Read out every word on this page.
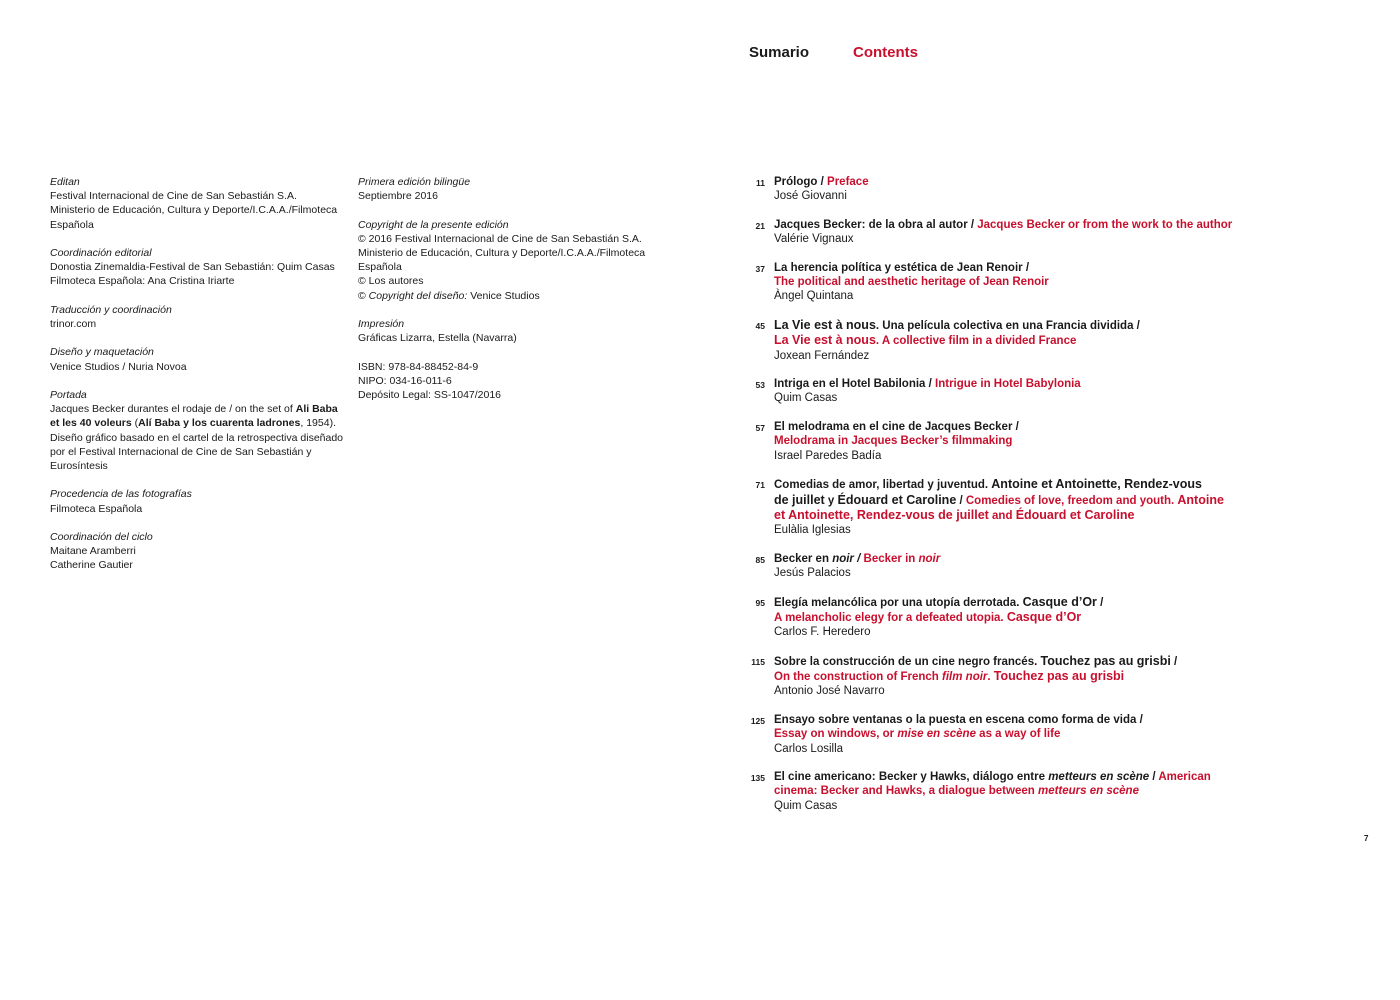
Sumario	Contents
Editan
Festival Internacional de Cine de San Sebastián S.A.
Ministerio de Educación, Cultura y Deporte/I.C.A.A./Filmoteca
Española
Coordinación editorial
Donostia Zinemaldia-Festival de San Sebastián: Quim Casas
Filmoteca Española: Ana Cristina Iriarte
Traducción y coordinación
trinor.com
Diseño y maquetación
Venice Studios / Nuria Novoa
Portada
Jacques Becker durantes el rodaje de / on the set of Ali Baba
et les 40 voleurs (Alí Baba y los cuarenta ladrones, 1954).
Diseño gráfico basado en el cartel de la retrospectiva diseñado
por el Festival Internacional de Cine de San Sebastián y
Eurosíntesis
Procedencia de las fotografías
Filmoteca Española
Coordinación del ciclo
Maitane Aramberri
Catherine Gautier
Primera edición bilingüe
Septiembre 2016
Copyright de la presente edición
© 2016 Festival Internacional de Cine de San Sebastián S.A.
Ministerio de Educación, Cultura y Deporte/I.C.A.A./Filmoteca
Española
© Los autores
© Copyright del diseño: Venice Studios
Impresión
Gráficas Lizarra, Estella (Navarra)
ISBN: 978-84-88452-84-9
NIPO: 034-16-011-6
Depósito Legal: SS-1047/2016
11 Prólogo / Preface
José Giovanni
21 Jacques Becker: de la obra al autor / Jacques Becker or from the work to the author
Valérie Vignaux
37 La herencia política y estética de Jean Renoir /
The political and aesthetic heritage of Jean Renoir
Àngel Quintana
45 La Vie est à nous. Una película colectiva en una Francia dividida /
La Vie est à nous. A collective film in a divided France
Joxean Fernández
53 Intriga en el Hotel Babilonia / Intrigue in Hotel Babylonia
Quim Casas
57 El melodrama en el cine de Jacques Becker /
Melodrama in Jacques Becker’s filmmaking
Israel Paredes Badía
71 Comedias de amor, libertad y juventud. Antoine et Antoinette, Rendez-vous
de juillet y Édouard et Caroline / Comedies of love, freedom and youth. Antoine
et Antoinette, Rendez-vous de juillet and Édouard et Caroline
Eulàlia Iglesias
85 Becker en noir / Becker in noir
Jesús Palacios
95 Elegía melancólica por una utopía derrotada. Casque d’Or /
A melancholic elegy for a defeated utopia. Casque d’Or
Carlos F. Heredero
115 Sobre la construcción de un cine negro francés. Touchez pas au grisbi /
On the construction of French film noir. Touchez pas au grisbi
Antonio José Navarro
125 Ensayo sobre ventanas o la puesta en escena como forma de vida /
Essay on windows, or mise en scène as a way of life
Carlos Losilla
135 El cine americano: Becker y Hawks, diálogo entre metteurs en scène / American
cinema: Becker and Hawks, a dialogue between metteurs en scène
Quim Casas
7
